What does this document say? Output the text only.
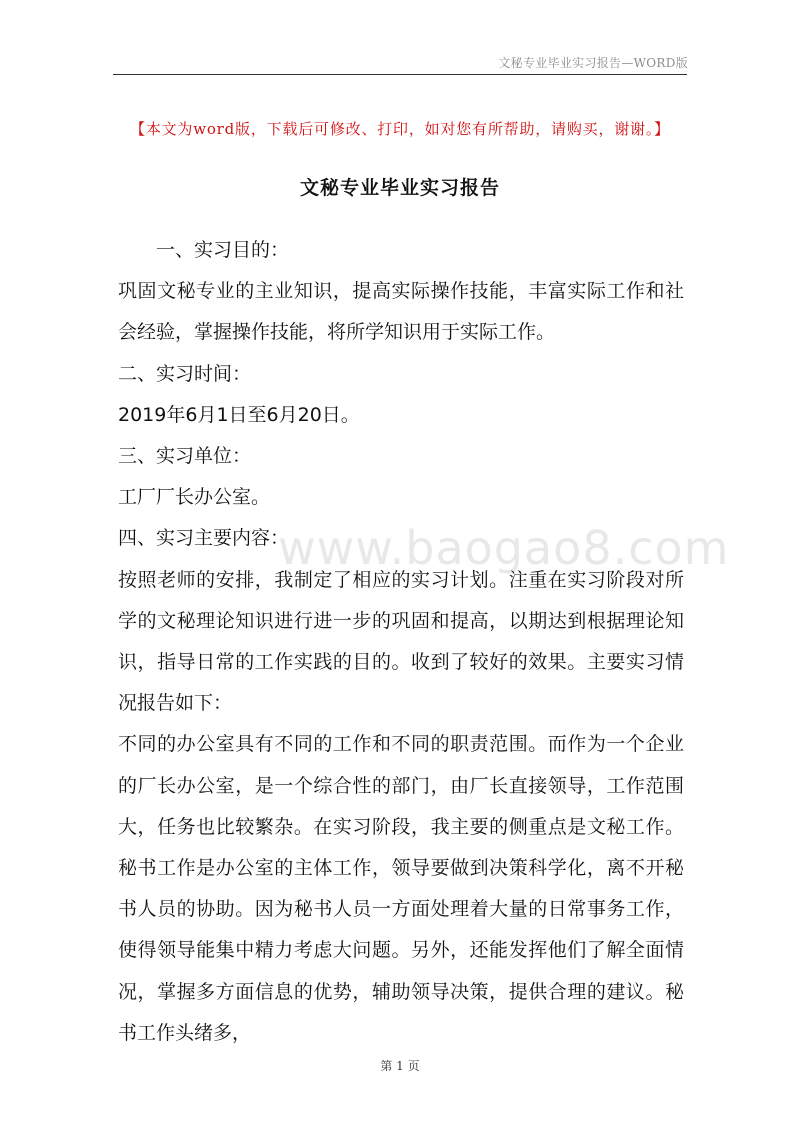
文秘专业毕业实习报告—WORD版
【本文为word版，下载后可修改、打印，如对您有所帮助，请购买，谢谢。】
文秘专业毕业实习报告

一、实习目的：

巩固文秘专业的主业知识，提高实际操作技能，丰富实际工作和社会经验，掌握操作技能，将所学知识用于实际工作。

二、实习时间：

2019年6月1日至6月20日。

三、实习单位：

工厂厂长办公室。

四、实习主要内容：

按照老师的安排，我制定了相应的实习计划。注重在实习阶段对所学的文秘理论知识进行进一步的巩固和提高，以期达到根据理论知识，指导日常的工作实践的目的。收到了较好的效果。主要实习情况报告如下：

不同的办公室具有不同的工作和不同的职责范围。而作为一个企业的厂长办公室，是一个综合性的部门，由厂长直接领导，工作范围大，任务也比较繁杂。在实习阶段，我主要的侧重点是文秘工作。秘书工作是办公室的主体工作，领导要做到决策科学化，离不开秘书人员的协助。因为秘书人员一方面处理着大量的日常事务工作，使得领导能集中精力考虑大问题。另外，还能发挥他们了解全面情况，掌握多方面信息的优势，辅助领导决策，提供合理的建议。秘书工作头绪多，

www.baogao8.com
第 1 页
